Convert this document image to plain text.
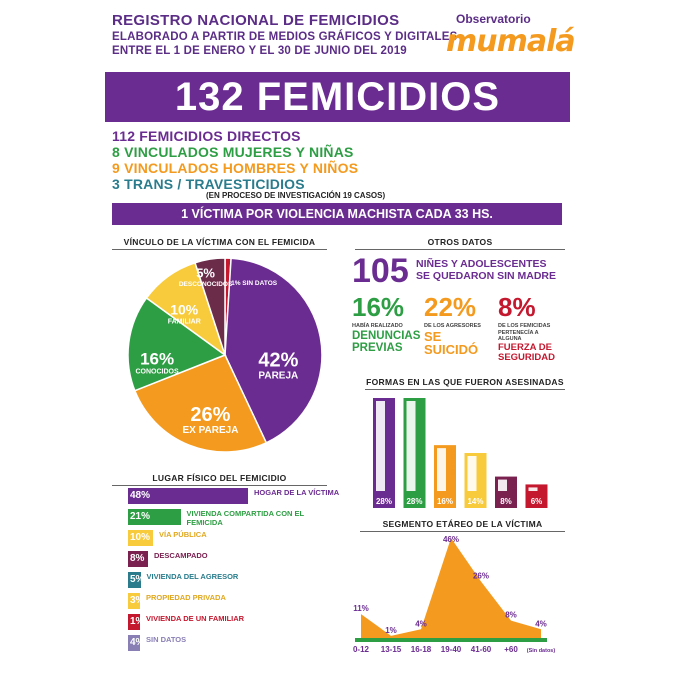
REGISTRO NACIONAL DE FEMICIDIOS
ELABORADO A PARTIR DE MEDIOS GRÁFICOS Y DIGITALES
ENTRE EL 1 DE ENERO Y EL 30 DE JUNIO DEL 2019
Observatorio
mumalá
132 FEMICIDIOS
112 FEMICIDIOS DIRECTOS
8 VINCULADOS MUJERES Y NIÑAS
9 VINCULADOS HOMBRES Y NIÑOS
3 TRANS / TRAVESTICIDIOS
(EN PROCESO DE INVESTIGACIÓN 19 CASOS)
1 VÍCTIMA POR VIOLENCIA MACHISTA CADA 33 HS.
VÍNCULO DE LA VÍCTIMA CON EL FEMICIDA
1% SIN DATOS
42%
PAREJA
26%
EX PAREJA
16%
CONOCIDOS
10%
FAMILIAR
5%
DESCONOCIDOS
OTROS DATOS
105 NIÑES Y ADOLESCENTES
SE QUEDARON SIN MADRE
16%
HABÍA REALIZADO
DENUNCIAS
PREVIAS
22%
DE LOS AGRESORES
SE
SUICIDÓ
8%
DE LOS FEMICIDAS
PERTENECÍA A
ALGUNA
FUERZA DE
SEGURIDAD
FORMAS EN LAS QUE FUERON ASESINADAS
28%
ARMA DE FUEGO
28%
ARMA BLANCA
16%
A GOLPES
14%
ASFIXIA
8%
QUEMADA 6%
OTROS
LUGAR FÍSICO DEL FEMICIDIO
48%	HOGAR DE LA VÍCTIMA
21%	VIVIENDA COMPARTIDA CON EL FEMICIDA
10%	VÍA PÚBLICA
8%	DESCAMPADO
5% VIVIENDA DEL AGRESOR
3% PROPIEDAD PRIVADA
1% VIVIENDA DE UN FAMILIAR
4% SIN DATOS
SEGMENTO ETÁREO DE LA VÍCTIMA
11%
0-12
1%
13-15
4%
16-18
46%
19-40
26%
41-60
8%
+60
4%
(Sin datos)
